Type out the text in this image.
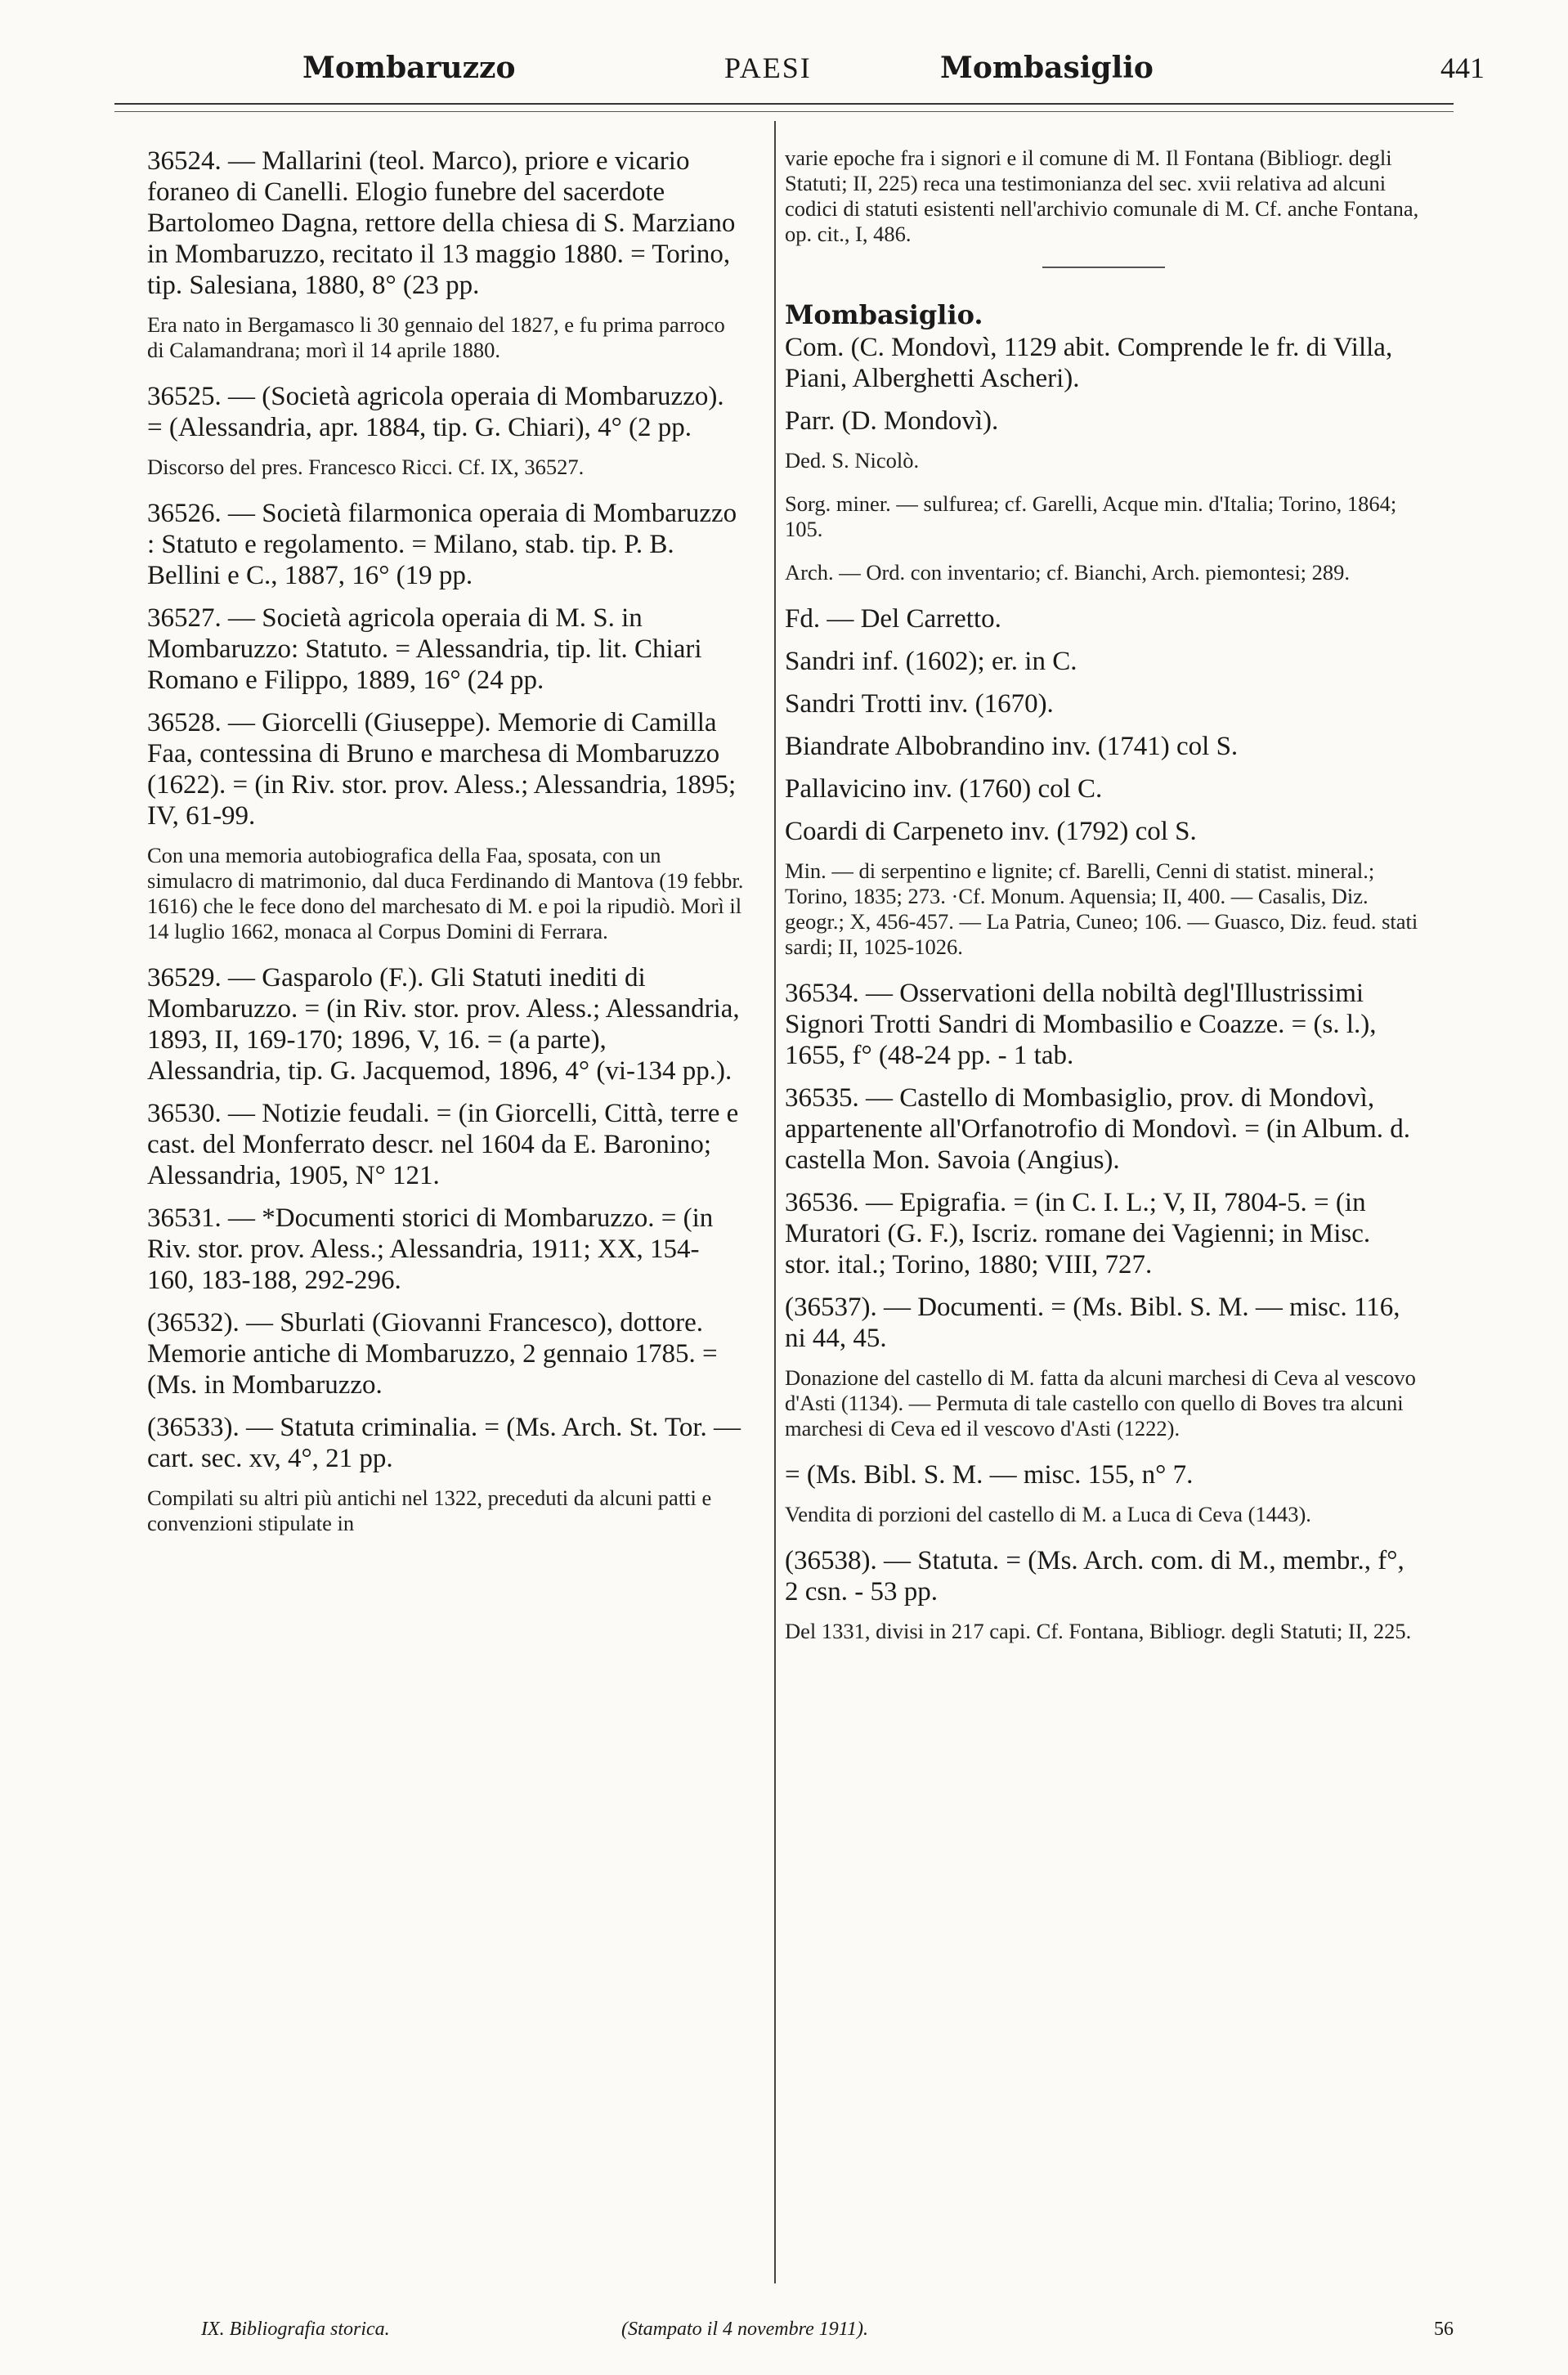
Mombaruzzo	PAESI	Mombasiglio	441
36524. — Mallarini (teol. Marco), priore e vicario foraneo di Canelli. Elogio funebre del sacerdote Bartolomeo Dagna, rettore della chiesa di S. Marziano in Mombaruzzo, recitato il 13 maggio 1880. = Torino, tip. Salesiana, 1880, 8° (23 pp.
Era nato in Bergamasco li 30 gennaio del 1827, e fu prima parroco di Calamandrana; morì il 14 aprile 1880.
36525. — (Società agricola operaia di Mombaruzzo). = (Alessandria, apr. 1884, tip. G. Chiari), 4° (2 pp.
Discorso del pres. Francesco Ricci. Cf. IX, 36527.
36526. — Società filarmonica operaia di Mombaruzzo : Statuto e regolamento. = Milano, stab. tip. P. B. Bellini e C., 1887, 16° (19 pp.
36527. — Società agricola operaia di M. S. in Mombaruzzo: Statuto. = Alessandria, tip. lit. Chiari Romano e Filippo, 1889, 16° (24 pp.
36528. — Giorcelli (Giuseppe). Memorie di Camilla Faa, contessina di Bruno e marchesa di Mombaruzzo (1622). = (in Riv. stor. prov. Aless.; Alessandria, 1895; IV, 61-99.
Con una memoria autobiografica della Faa, sposata, con un simulacro di matrimonio, dal duca Ferdinando di Mantova (19 febbr. 1616) che le fece dono del marchesato di M. e poi la ripudiò. Morì il 14 luglio 1662, monaca al Corpus Domini di Ferrara.
36529. — Gasparolo (F.). Gli Statuti inediti di Mombaruzzo. = (in Riv. stor. prov. Aless.; Alessandria, 1893, II, 169-170; 1896, V, 16. = (a parte), Alessandria, tip. G. Jacquemod, 1896, 4° (vi-134 pp.).
36530. — Notizie feudali. = (in Giorcelli, Città, terre e cast. del Monferrato descr. nel 1604 da E. Baronino; Alessandria, 1905, N° 121.
36531. — *Documenti storici di Mombaruzzo. = (in Riv. stor. prov. Aless.; Alessandria, 1911; XX, 154-160, 183-188, 292-296.
(36532). — Sburlati (Giovanni Francesco), dottore. Memorie antiche di Mombaruzzo, 2 gennaio 1785. = (Ms. in Mombaruzzo.
(36533). — Statuta criminalia. = (Ms. Arch. St. Tor. — cart. sec. xv, 4°, 21 pp.
Compilati su altri più antichi nel 1322, preceduti da alcuni patti e convenzioni stipulate in
varie epoche fra i signori e il comune di M. Il Fontana (Bibliogr. degli Statuti; II, 225) reca una testimonianza del sec. xvii relativa ad alcuni codici di statuti esistenti nell'archivio comunale di M. Cf. anche Fontana, op. cit., I, 486.
Mombasiglio.
Com. (C. Mondovì, 1129 abit. Comprende le fr. di Villa, Piani, Alberghetti Ascheri).
Parr. (D. Mondovì).
Ded. S. Nicolò.
Sorg. miner. — sulfurea; cf. Garelli, Acque min. d'Italia; Torino, 1864; 105.
Arch. — Ord. con inventario; cf. Bianchi, Arch. piemontesi; 289.
Fd. — Del Carretto.
Sandri inf. (1602); er. in C.
Sandri Trotti inv. (1670).
Biandrate Albobrandino inv. (1741) col S.
Pallavicino inv. (1760) col C.
Coardi di Carpeneto inv. (1792) col S.
Min. — di serpentino e lignite; cf. Barelli, Cenni di statist. mineral.; Torino, 1835; 273. ·Cf. Monum. Aquensia; II, 400. — Casalis, Diz. geogr.; X, 456-457. — La Patria, Cuneo; 106. — Guasco, Diz. feud. stati sardi; II, 1025-1026.
36534. — Osservationi della nobiltà degl'Illustrissimi Signori Trotti Sandri di Mombasilio e Coazze. = (s. l.), 1655, f° (48-24 pp. - 1 tab.
36535. — Castello di Mombasiglio, prov. di Mondovì, appartenente all'Orfanotrofio di Mondovì. = (in Album. d. castella Mon. Savoia (Angius).
36536. — Epigrafia. = (in C. I. L.; V, II, 7804-5. = (in Muratori (G. F.), Iscriz. romane dei Vagienni; in Misc. stor. ital.; Torino, 1880; VIII, 727.
(36537). — Documenti. = (Ms. Bibl. S. M. — misc. 116, ni 44, 45.
Donazione del castello di M. fatta da alcuni marchesi di Ceva al vescovo d'Asti (1134). — Permuta di tale castello con quello di Boves tra alcuni marchesi di Ceva ed il vescovo d'Asti (1222).
= (Ms. Bibl. S. M. — misc. 155, n° 7.
Vendita di porzioni del castello di M. a Luca di Ceva (1443).
(36538). — Statuta. = (Ms. Arch. com. di M., membr., f°, 2 csn. - 53 pp.
Del 1331, divisi in 217 capi. Cf. Fontana, Bibliogr. degli Statuti; II, 225.
IX. Bibliografia storica.	(Stampato il 4 novembre 1911).	56
